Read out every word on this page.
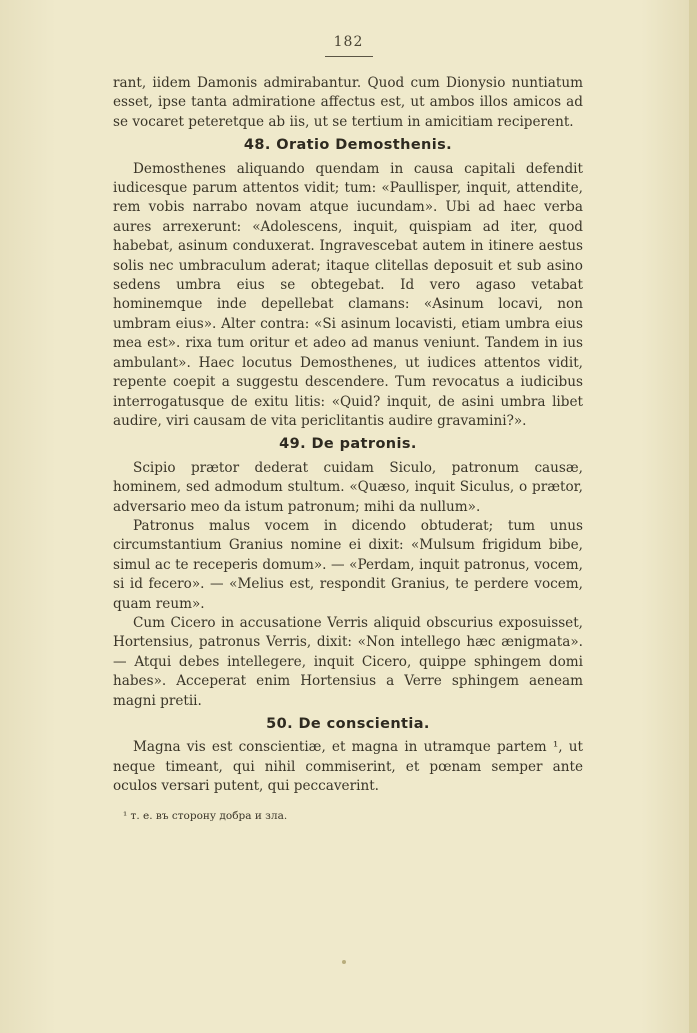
182

rant, iidem Damonis admirabantur. Quod cum Dionysio nuntiatum esset, ipse tanta admiratione affectus est, ut ambos illos amicos ad se vocaret peteretque ab iis, ut se tertium in amicitiam reciperent.

48. Oratio Demosthenis.

Demosthenes aliquando quendam in causa capitali defendit iudicesque parum attentos vidit; tum: «Paullisper, inquit, attendite, rem vobis narrabo novam atque iucundam». Ubi ad haec verba aures arrexerunt: «Adolescens, inquit, quispiam ad iter, quod habebat, asinum conduxerat. Ingravescebat autem in itinere aestus solis nec umbraculum aderat; itaque clitellas deposuit et sub asino sedens umbra eius se obtegebat. Id vero agaso vetabat hominemque inde depellebat clamans: «Asinum locavi, non umbram eius». Alter contra: «Si asinum locavisti, etiam umbra eius mea est». rixa tum oritur et adeo ad manus veniunt. Tandem in ius ambulant». Haec locutus Demosthenes, ut iudices attentos vidit, repente coepit a suggestu descendere. Tum revocatus a iudicibus interrogatusque de exitu litis: «Quid? inquit, de asini umbra libet audire, viri causam de vita periclitantis audire gravamini?».

49. De patronis.

Scipio prætor dederat cuidam Siculo, patronum causæ, hominem, sed admodum stultum. «Quæso, inquit Siculus, o prætor, adversario meo da istum patronum; mihi da nullum».

Patronus malus vocem in dicendo obtuderat; tum unus circumstantium Granius nomine ei dixit: «Mulsum frigidum bibe, simul ac te receperis domum». — «Perdam, inquit patronus, vocem, si id fecero». — «Melius est, respondit Granius, te perdere vocem, quam reum».

Cum Cicero in accusatione Verris aliquid obscurius exposuisset, Hortensius, patronus Verris, dixit: «Non intellego hæc ænigmata». — Atqui debes intellegere, inquit Cicero, quippe sphingem domi habes». Acceperat enim Hortensius a Verre sphingem aeneam magni pretii.

50. De conscientia.

Magna vis est conscientiæ, et magna in utramque partem ¹, ut neque timeant, qui nihil commiserint, et pœnam semper ante oculos versari putent, qui peccaverint.

¹ т. е. въ сторону добра и зла.
